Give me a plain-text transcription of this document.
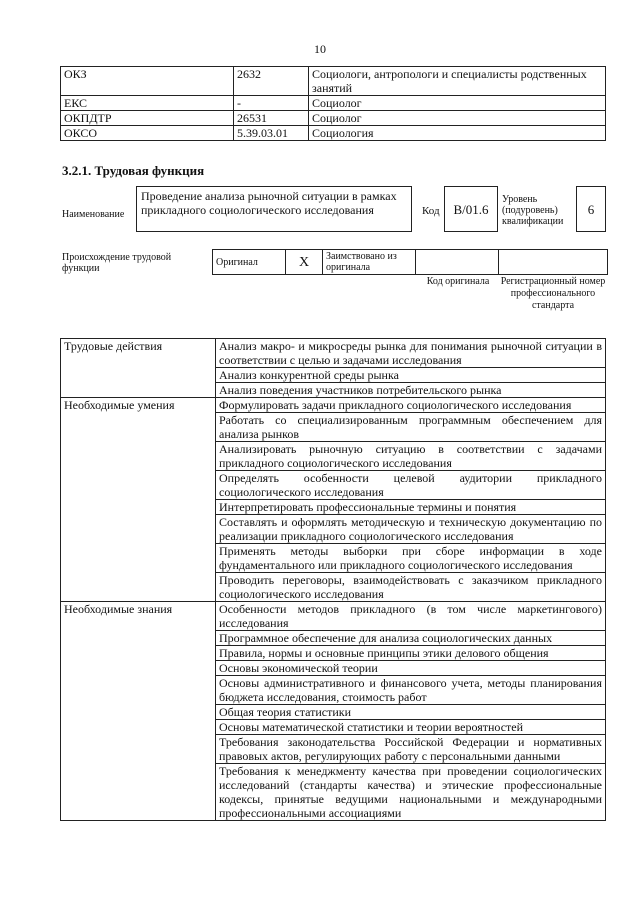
10
ОКЗ	2632	Социологи, антропологи и специалисты родственных занятий
ЕКС	-	Социолог
ОКПДТР	26531	Социолог
ОКСО	5.39.03.01	Социология
3.2.1. Трудовая функция
Наименование
Проведение анализа рыночной ситуации в рамках прикладного социологического исследования	Код	B/01.6
Уровень (подуровень) квалификации
6
Происхождение трудовой функции
Оригинал	X	Заимствовано из оригинала		
Код оригинала	Регистрационный номер профессионального стандарта
Трудовые действия	Анализ макро- и микросреды рынка для понимания рыночной ситуации в соответствии с целью и задачами исследования
	Анализ конкурентной среды рынка
	Анализ поведения участников потребительского рынка
Необходимые умения	Формулировать задачи прикладного социологического исследования
	Работать со специализированным программным обеспечением для анализа рынков
	Анализировать рыночную ситуацию в соответствии с задачами прикладного социологического исследования
	Определять особенности целевой аудитории прикладного социологического исследования
	Интерпретировать профессиональные термины и понятия
	Составлять и оформлять методическую и техническую документацию по реализации прикладного социологического исследования
	Применять методы выборки при сборе информации в ходе фундаментального или прикладного социологического исследования
	Проводить переговоры, взаимодействовать с заказчиком прикладного социологического исследования
Необходимые знания	Особенности методов прикладного (в том числе маркетингового) исследования
	Программное обеспечение для анализа социологических данных
	Правила, нормы и основные принципы этики делового общения
	Основы экономической теории
	Основы административного и финансового учета, методы планирования бюджета исследования, стоимость работ
	Общая теория статистики
	Основы математической статистики и теории вероятностей
	Требования законодательства Российской Федерации и нормативных правовых актов, регулирующих работу с персональными данными
	Требования к менеджменту качества при проведении социологических исследований (стандарты качества) и этические профессиональные кодексы, принятые ведущими национальными и международными профессиональными ассоциациями
